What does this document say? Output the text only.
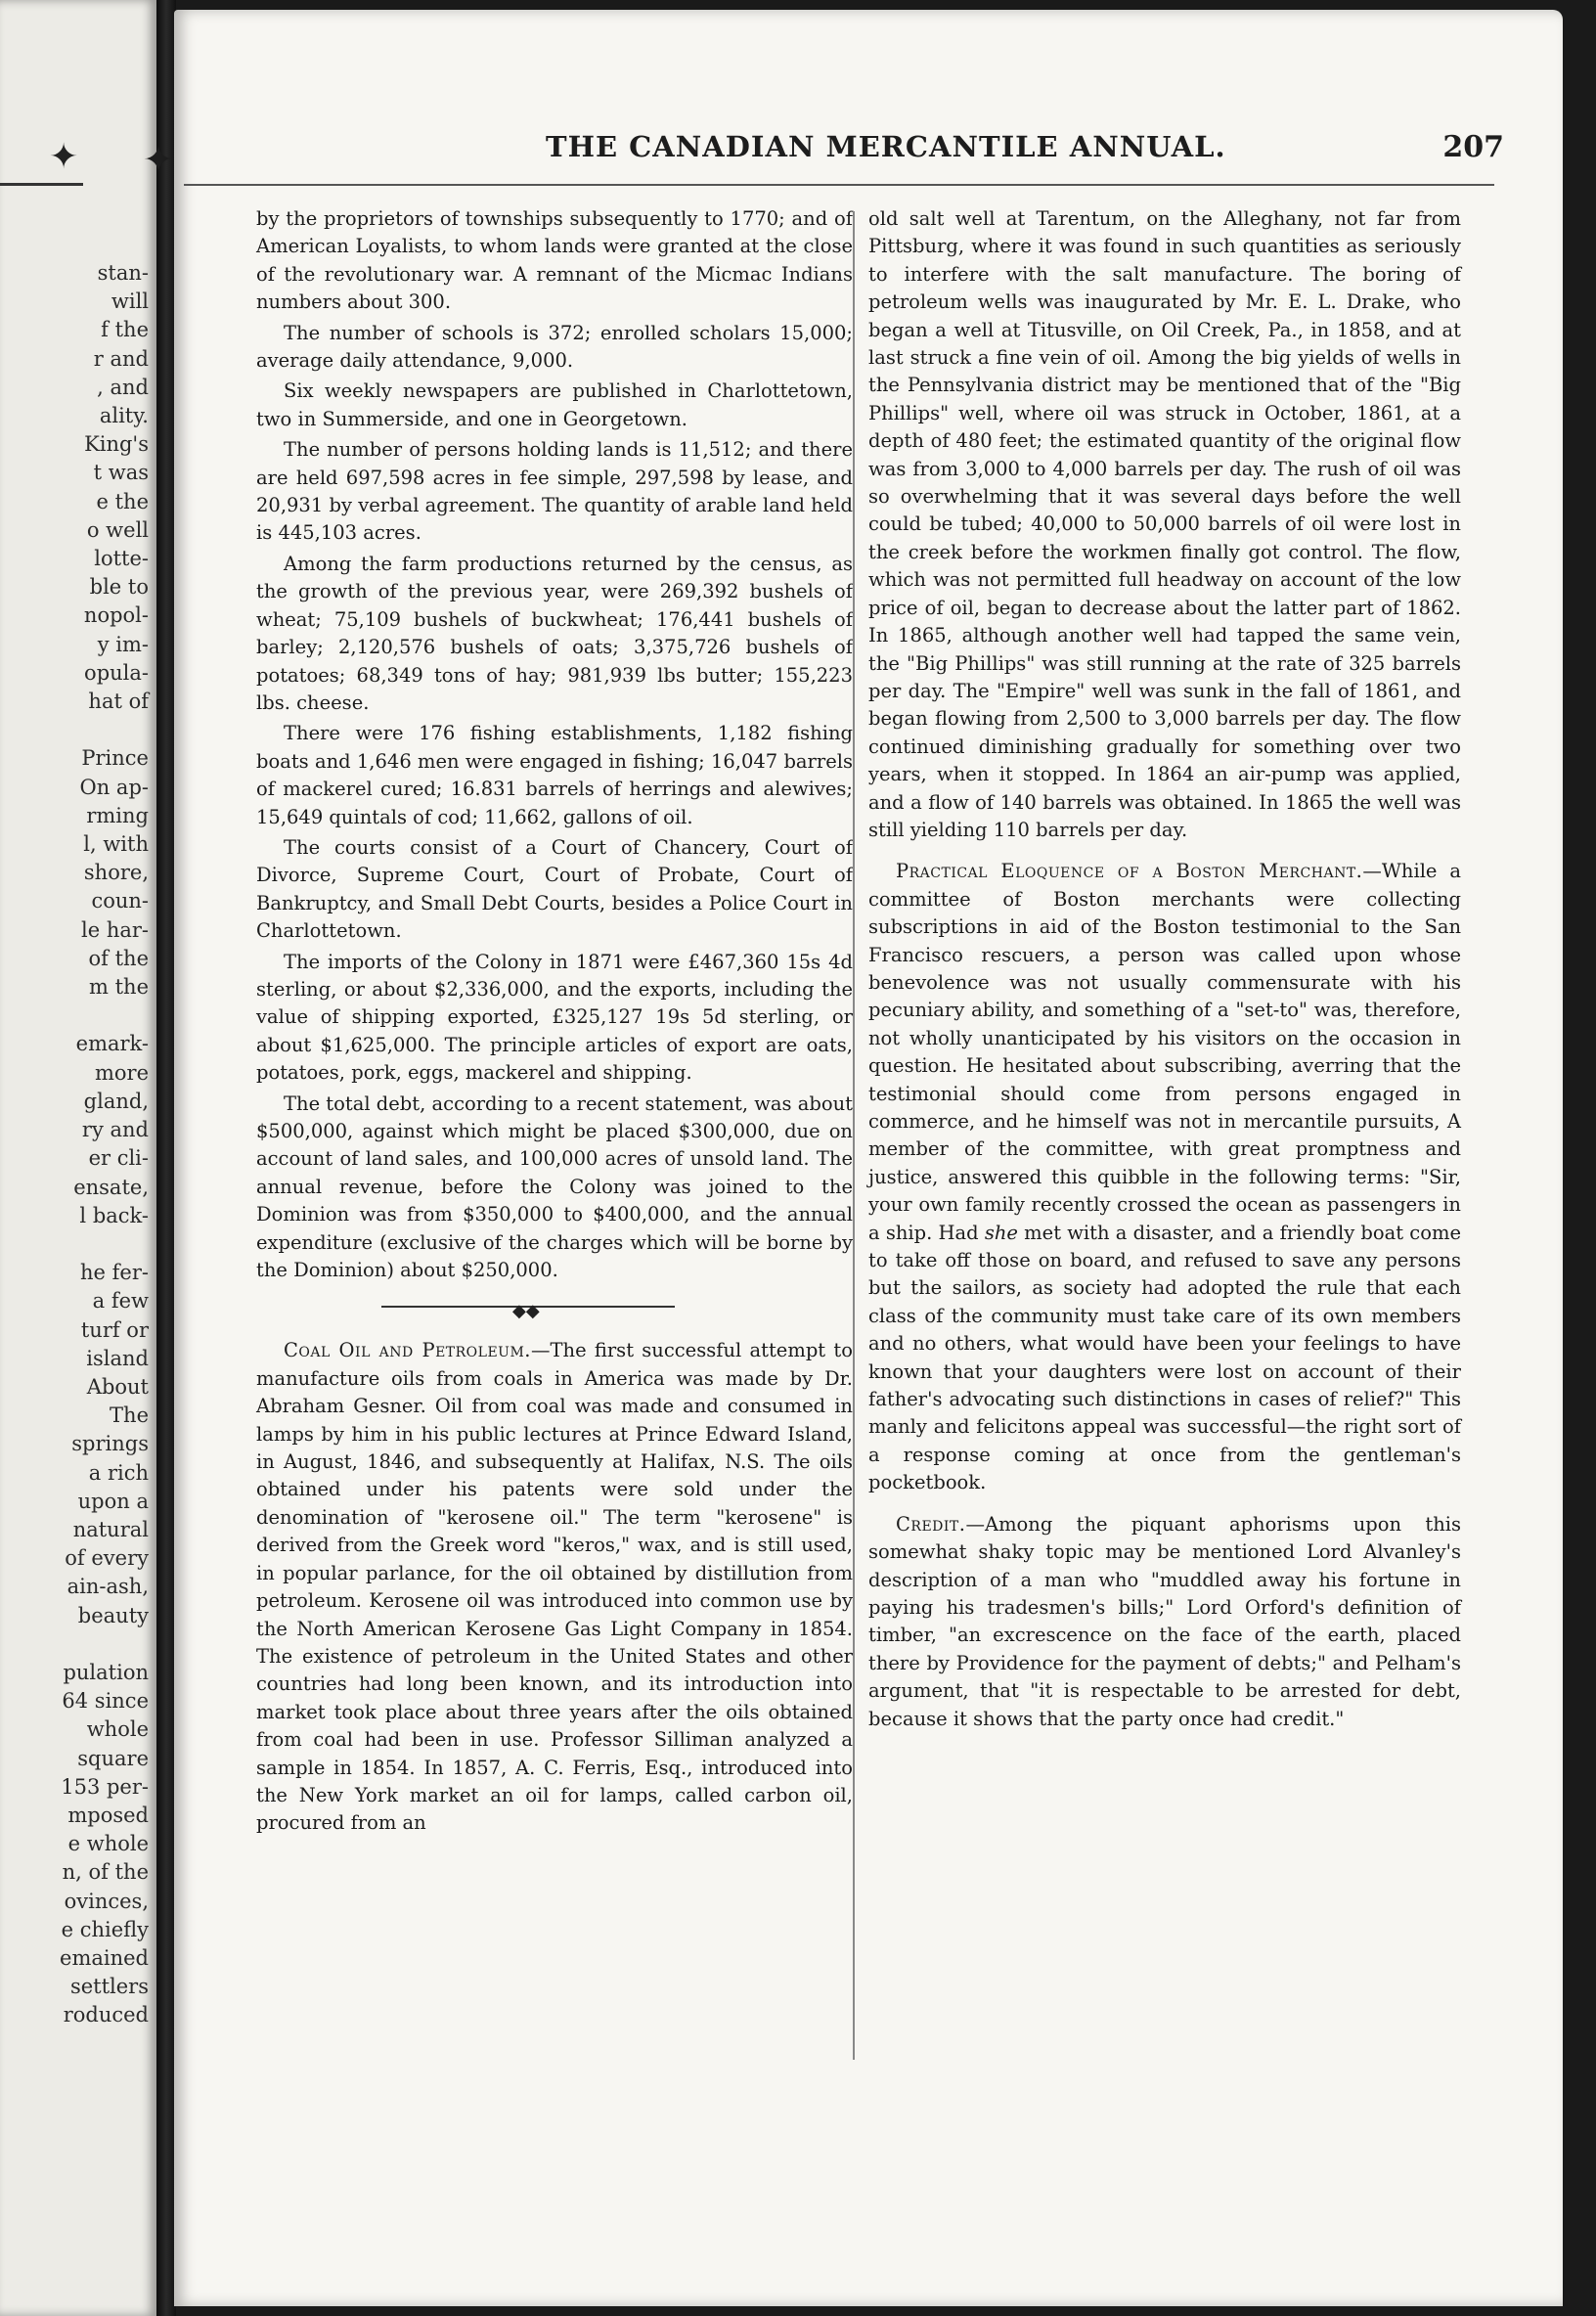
✦
stan-
will
f the
r and
, and
ality.
King's
t was
e the
o well
lotte-
ble to
nopol-
y im-
opula-
hat of

Prince
On ap-
rming
l, with
shore,
coun-
le har-
of the
m the

emark-
more
gland,
ry and
er cli-
ensate,
l back-

he fer-
a few
turf or
island
About
The
springs
a rich
upon a
natural
of every
ain-ash,
beauty

pulation
64 since
whole
square
153 per-
mposed
e whole
n, of the
ovinces,
e chiefly
emained
settlers
roduced
✦	THE CANADIAN MERCANTILE ANNUAL.	207

by the proprietors of townships subsequently to 1770; and of American Loyalists, to whom lands were granted at the close of the revolutionary war. A remnant of the Micmac Indians numbers about 300.

The number of schools is 372; enrolled scholars 15,000; average daily attendance, 9,000.

Six weekly newspapers are published in Charlottetown, two in Summerside, and one in Georgetown.

The number of persons holding lands is 11,512; and there are held 697,598 acres in fee simple, 297,598 by lease, and 20,931 by verbal agreement. The quantity of arable land held is 445,103 acres.

Among the farm productions returned by the census, as the growth of the previous year, were 269,392 bushels of wheat; 75,109 bushels of buckwheat; 176,441 bushels of barley; 2,120,576 bushels of oats; 3,375,726 bushels of potatoes; 68,349 tons of hay; 981,939 lbs butter; 155,223 lbs. cheese.

There were 176 fishing establishments, 1,182 fishing boats and 1,646 men were engaged in fishing; 16,047 barrels of mackerel cured; 16.831 barrels of herrings and alewives; 15,649 quintals of cod; 11,662, gallons of oil.

The courts consist of a Court of Chancery, Court of Divorce, Supreme Court, Court of Probate, Court of Bankruptcy, and Small Debt Courts, besides a Police Court in Charlottetown.

The imports of the Colony in 1871 were £467,360 15s 4d sterling, or about $2,336,000, and the exports, including the value of shipping exported, £325,127 19s 5d sterling, or about $1,625,000. The principle articles of export are oats, potatoes, pork, eggs, mackerel and shipping.

The total debt, according to a recent statement, was about $500,000, against which might be placed $300,000, due on account of land sales, and 100,000 acres of unsold land. The annual revenue, before the Colony was joined to the Dominion was from $350,000 to $400,000, and the annual expenditure (exclusive of the charges which will be borne by the Dominion) about $250,000.

◆◆

Coal Oil and Petroleum.—The first successful attempt to manufacture oils from coals in America was made by Dr. Abraham Gesner. Oil from coal was made and consumed in lamps by him in his public lectures at Prince Edward Island, in August, 1846, and subsequently at Halifax, N.S. The oils obtained under his patents were sold under the denomination of "kerosene oil." The term "kerosene" is derived from the Greek word "keros," wax, and is still used, in popular parlance, for the oil obtained by distillution from petroleum. Kerosene oil was introduced into common use by the North American Kerosene Gas Light Company in 1854. The existence of petroleum in the United States and other countries had long been known, and its introduction into market took place about three years after the oils obtained from coal had been in use. Professor Silliman analyzed a sample in 1854. In 1857, A. C. Ferris, Esq., introduced into the New York market an oil for lamps, called carbon oil, procured from an

old salt well at Tarentum, on the Alleghany, not far from Pittsburg, where it was found in such quantities as seriously to interfere with the salt manufacture. The boring of petroleum wells was inaugurated by Mr. E. L. Drake, who began a well at Titusville, on Oil Creek, Pa., in 1858, and at last struck a fine vein of oil. Among the big yields of wells in the Pennsylvania district may be mentioned that of the "Big Phillips" well, where oil was struck in October, 1861, at a depth of 480 feet; the estimated quantity of the original flow was from 3,000 to 4,000 barrels per day. The rush of oil was so overwhelming that it was several days before the well could be tubed; 40,000 to 50,000 barrels of oil were lost in the creek before the workmen finally got control. The flow, which was not permitted full headway on account of the low price of oil, began to decrease about the latter part of 1862. In 1865, although another well had tapped the same vein, the "Big Phillips" was still running at the rate of 325 barrels per day. The "Empire" well was sunk in the fall of 1861, and began flowing from 2,500 to 3,000 barrels per day. The flow continued diminishing gradually for something over two years, when it stopped. In 1864 an air-pump was applied, and a flow of 140 barrels was obtained. In 1865 the well was still yielding 110 barrels per day.

Practical Eloquence of a Boston Merchant.—While a committee of Boston merchants were collecting subscriptions in aid of the Boston testimonial to the San Francisco rescuers, a person was called upon whose benevolence was not usually commensurate with his pecuniary ability, and something of a "set-to" was, therefore, not wholly unanticipated by his visitors on the occasion in question. He hesitated about subscribing, averring that the testimonial should come from persons engaged in commerce, and he himself was not in mercantile pursuits, A member of the committee, with great promptness and justice, answered this quibble in the following terms: "Sir, your own family recently crossed the ocean as passengers in a ship. Had she met with a disaster, and a friendly boat come to take off those on board, and refused to save any persons but the sailors, as society had adopted the rule that each class of the community must take care of its own members and no others, what would have been your feelings to have known that your daughters were lost on account of their father's advocating such distinctions in cases of relief?" This manly and felicitons appeal was successful—the right sort of a response coming at once from the gentleman's pocketbook.

Credit.—Among the piquant aphorisms upon this somewhat shaky topic may be mentioned Lord Alvanley's description of a man who "muddled away his fortune in paying his tradesmen's bills;" Lord Orford's definition of timber, "an excrescence on the face of the earth, placed there by Providence for the payment of debts;" and Pelham's argument, that "it is respectable to be arrested for debt, because it shows that the party once had credit."
